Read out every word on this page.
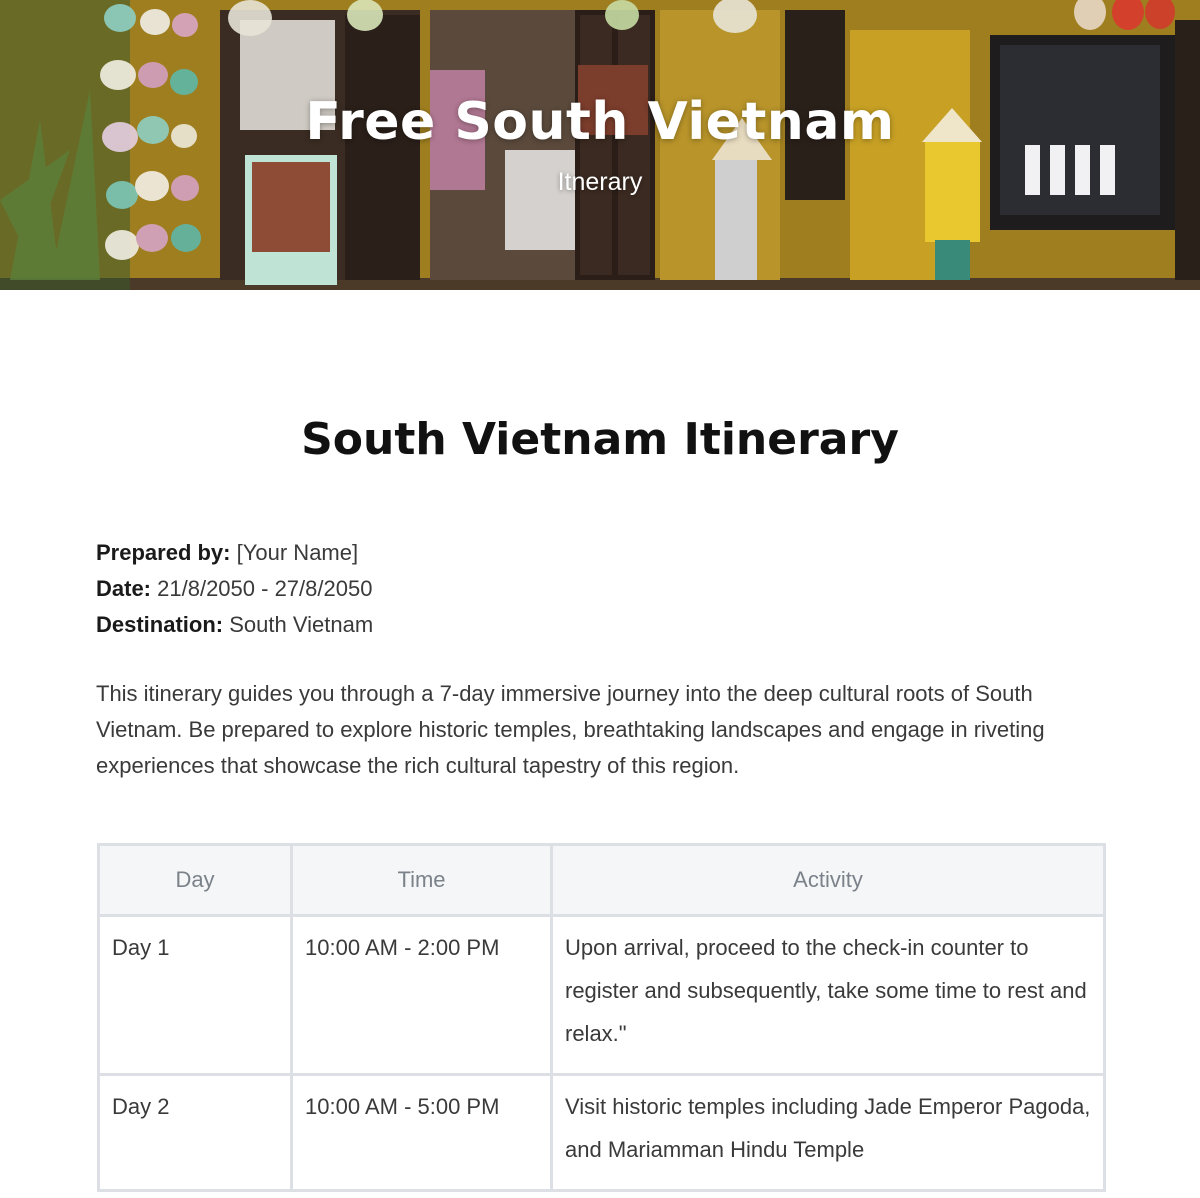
Free South Vietnam
Itnerary
South Vietnam Itinerary
Prepared by: [Your Name]
Date: 21/8/2050 - 27/8/2050
Destination: South Vietnam
This itinerary guides you through a 7-day immersive journey into the deep cultural roots of South Vietnam. Be prepared to explore historic temples, breathtaking landscapes and engage in riveting experiences that showcase the rich cultural tapestry of this region.
Day	Time	Activity

Day 1	10:00 AM - 2:00 PM	Upon arrival, proceed to the check-in counter to register and subsequently, take some time to rest and relax."

Day 2	10:00 AM - 5:00 PM	Visit historic temples including Jade Emperor Pagoda, and Mariamman Hindu Temple
